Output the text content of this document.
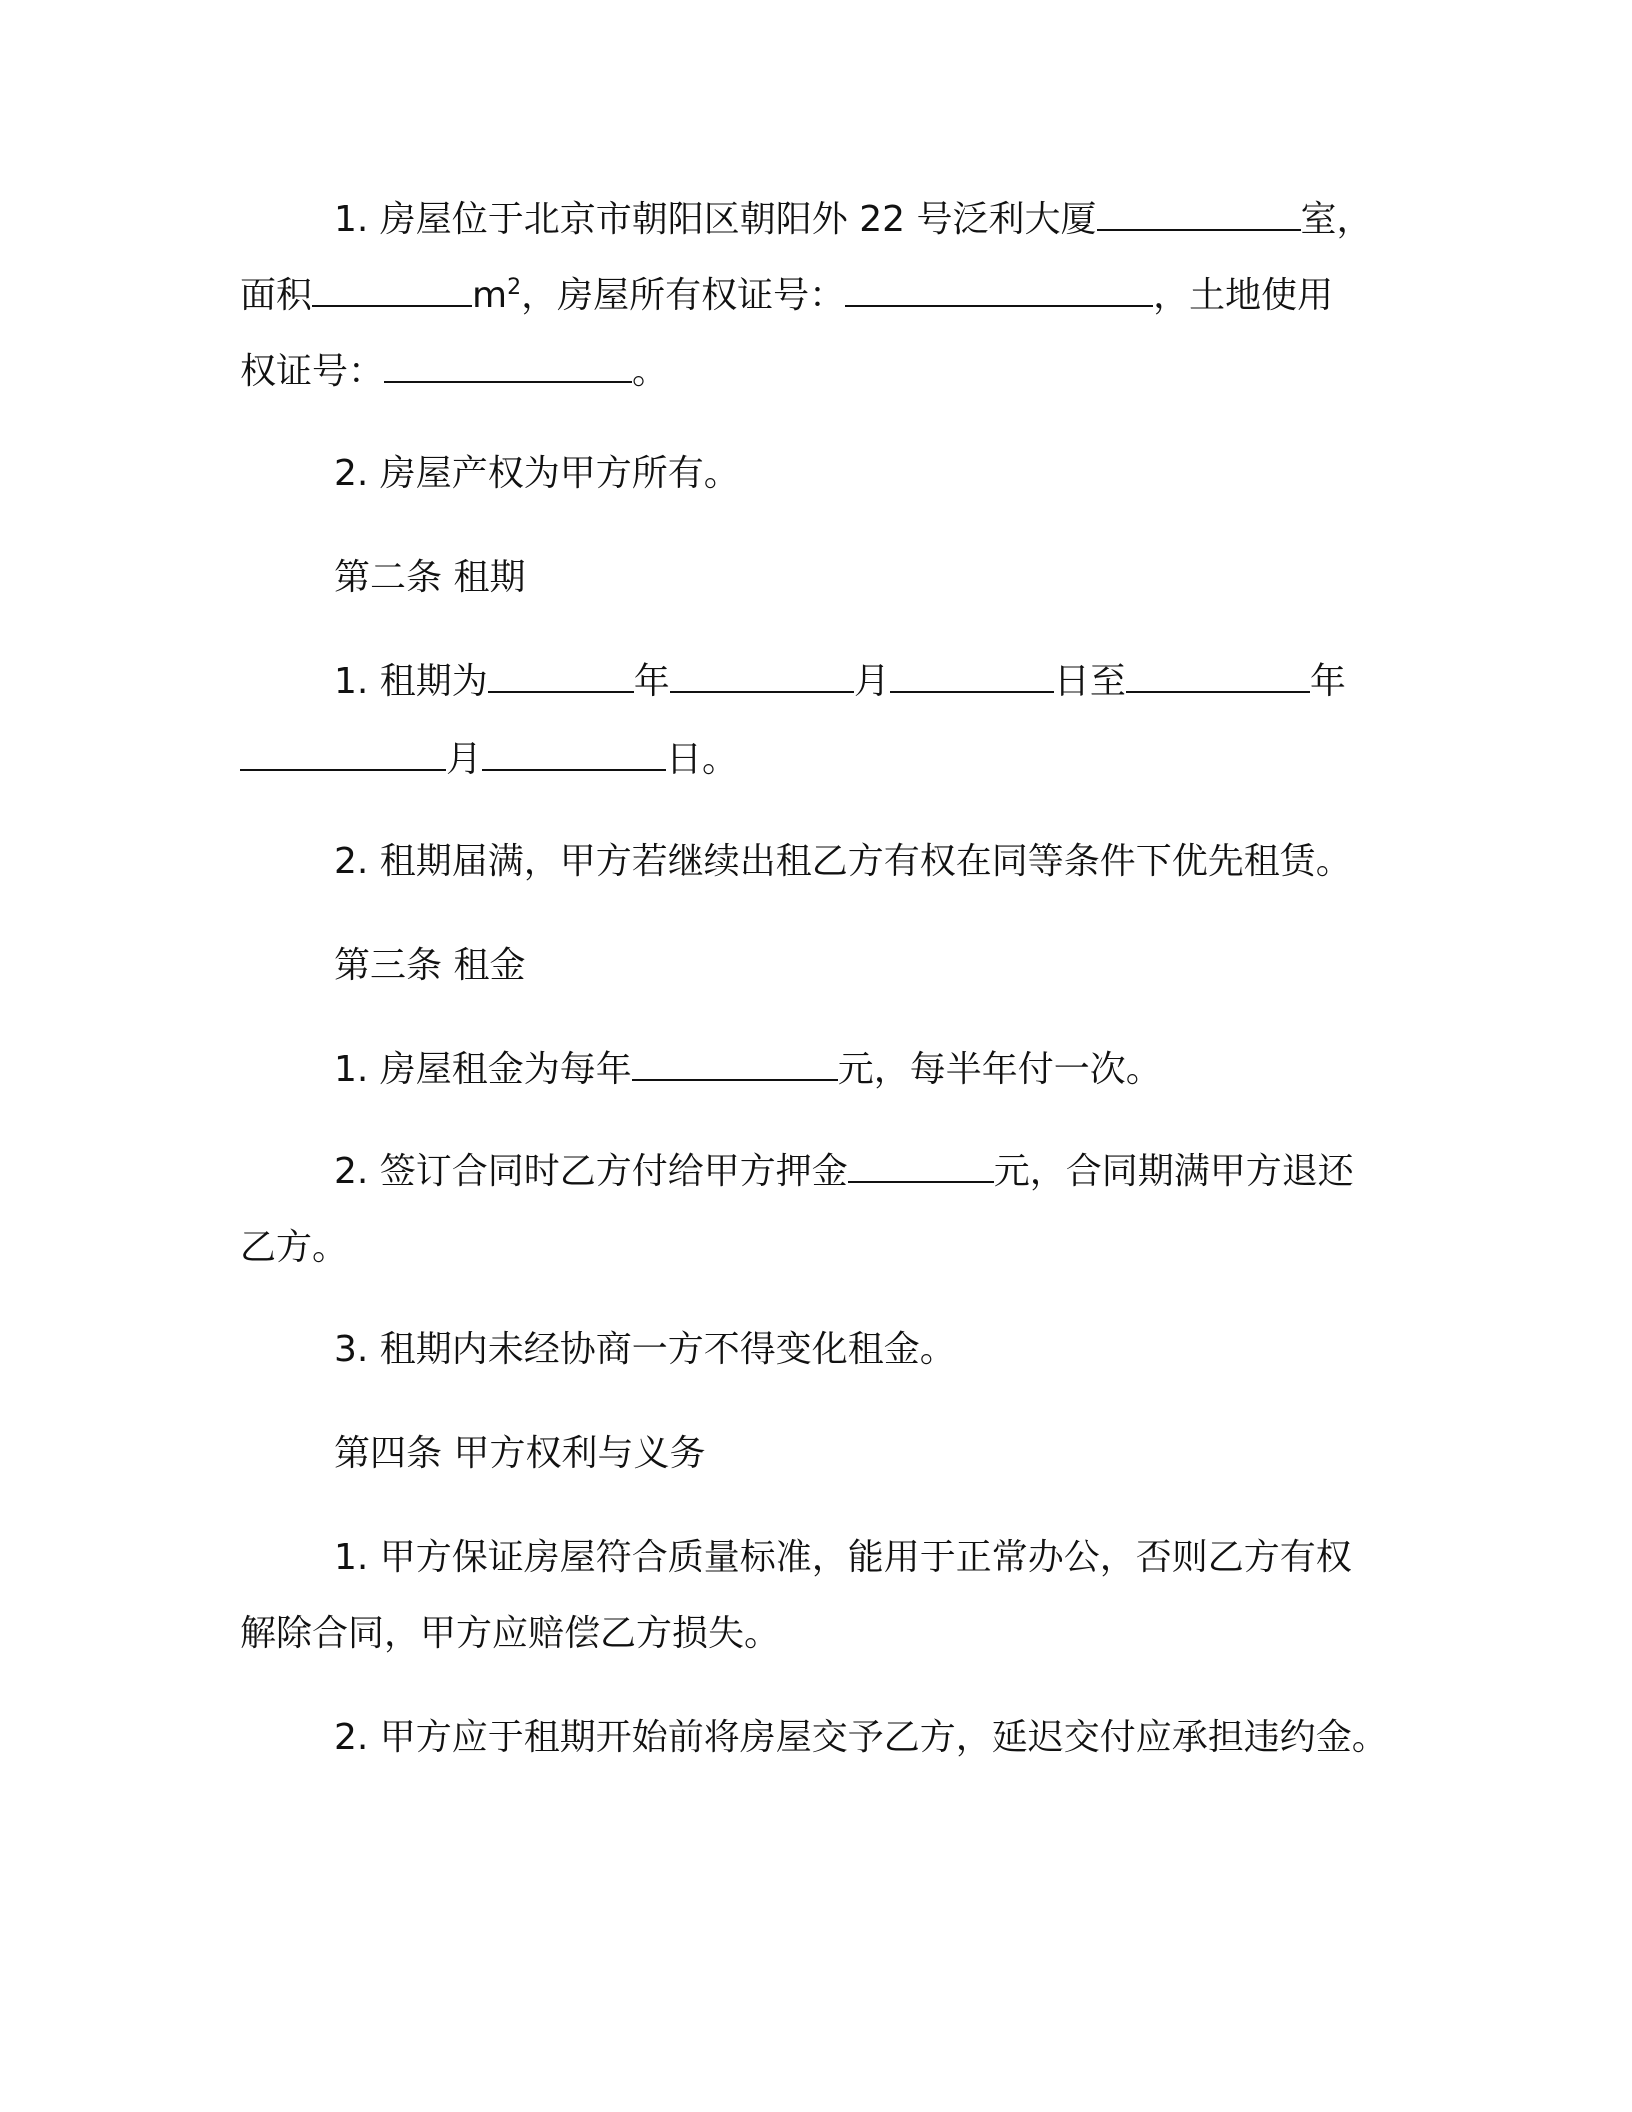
1. 房屋位于北京市朝阳区朝阳外 22 号泛利大厦	室，
面积	$m^2$，房屋所有权证号：	，土地使用
权证号：	。
2. 房屋产权为甲方所有。
第二条 租期
1. 租期为	年	月	日至	年
月	日。
2. 租期届满，甲方若继续出租乙方有权在同等条件下优先租赁。
第三条 租金
1. 房屋租金为每年	元，每半年付一次。
2. 签订合同时乙方付给甲方押金	元，合同期满甲方退还
乙方。
3. 租期内未经协商一方不得变化租金。
第四条 甲方权利与义务
1. 甲方保证房屋符合质量标准，能用于正常办公，否则乙方有权
解除合同，甲方应赔偿乙方损失。
2. 甲方应于租期开始前将房屋交予乙方，延迟交付应承担违约金。
